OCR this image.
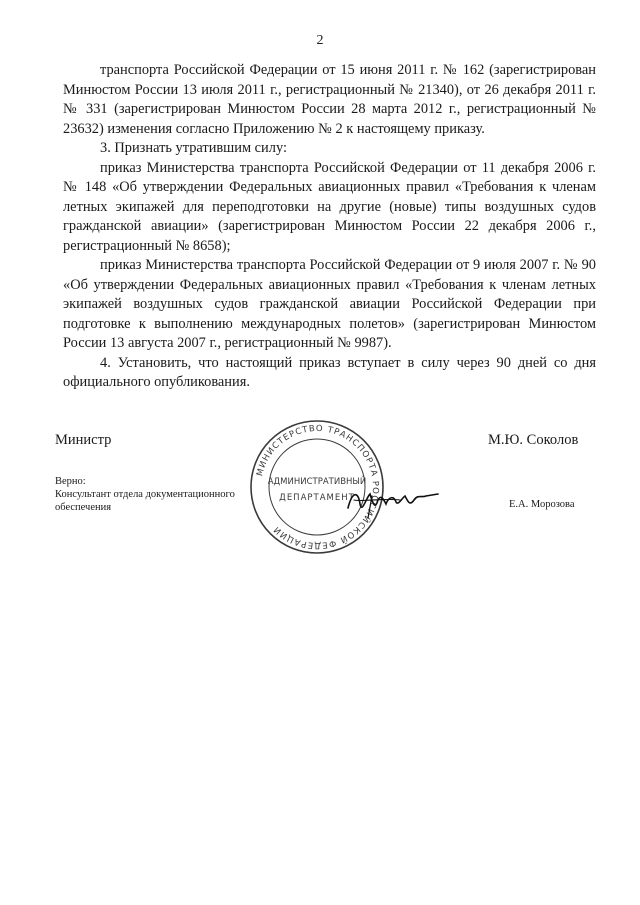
2

транспорта Российской Федерации от 15 июня 2011 г. № 162 (зарегистрирован Минюстом России 13 июля 2011 г., регистрационный № 21340), от 26 декабря 2011 г. № 331 (зарегистрирован Минюстом России 28 марта 2012 г., регистрационный № 23632) изменения согласно Приложению № 2 к настоящему приказу.

3. Признать утратившим силу:

приказ Министерства транспорта Российской Федерации от 11 декабря 2006 г. № 148 «Об утверждении Федеральных авиационных правил «Требования к членам летных экипажей для переподготовки на другие (новые) типы воздушных судов гражданской авиации» (зарегистрирован Минюстом России 22 декабря 2006 г., регистрационный № 8658);

приказ Министерства транспорта Российской Федерации от 9 июля 2007 г. № 90 «Об утверждении Федеральных авиационных правил «Требования к членам летных экипажей воздушных судов гражданской авиации Российской Федерации при подготовке к выполнению международных полетов» (зарегистрирован Минюстом России 13 августа 2007 г., регистрационный № 9987).

4. Установить, что настоящий приказ вступает в силу через 90 дней со дня официального опубликования.

Министр	М.Ю. Соколов
Верно:
Консультант отдела документационного обеспечения	Е.А. Морозова
МИНИСТЕРСТВО ТРАНСПОРТА РОССИЙСКОЙ ФЕДЕРАЦИИ
АДМИНИСТРАТИВНЫЙ
ДЕПАРТАМЕНТ
